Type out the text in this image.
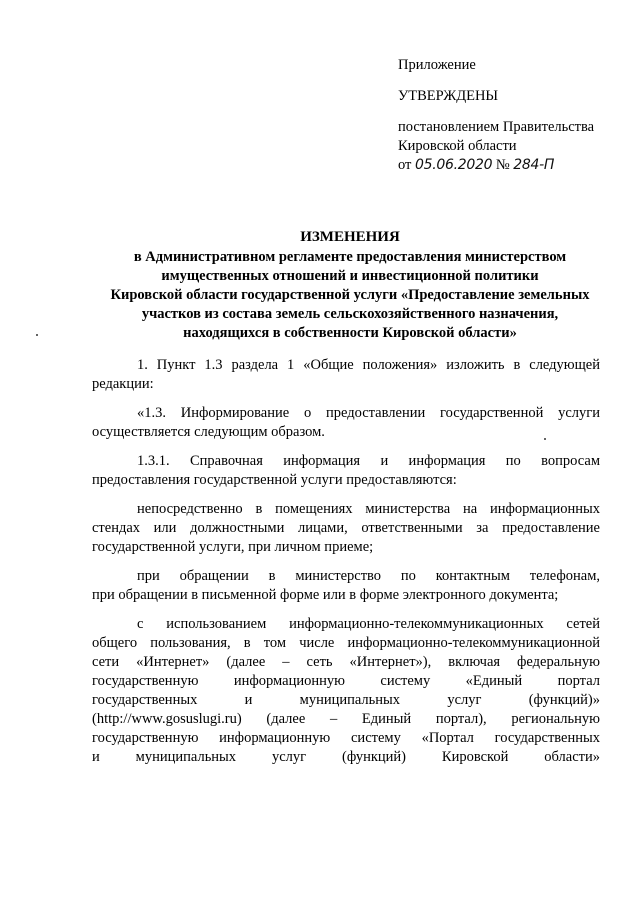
Приложение
УТВЕРЖДЕНЫ
постановлением Правительства
Кировской области
от 05.06.2020 № 284-П
ИЗМЕНЕНИЯ
в Административном регламенте предоставления министерством
имущественных отношений и инвестиционной политики
Кировской области государственной услуги «Предоставление земельных
участков из состава земель сельскохозяйственного назначения,
находящихся в собственности Кировской области»
1. Пункт 1.3 раздела 1 «Общие положения» изложить в следующей
редакции:
«1.3. Информирование о предоставлении государственной услуги
осуществляется следующим образом.
1.3.1. Справочная информация и информация по вопросам
предоставления государственной услуги предоставляются:
непосредственно в помещениях министерства на информационных
стендах или должностными лицами, ответственными за предоставление
государственной услуги, при личном приеме;
при обращении в министерство по контактным телефонам,
при обращении в письменной форме или в форме электронного документа;
с использованием информационно-телекоммуникационных сетей
общего пользования, в том числе информационно-телекоммуникационной
сети «Интернет» (далее – сеть «Интернет»), включая федеральную
государственную информационную систему «Единый портал
государственных и муниципальных услуг (функций)»
(http://www.gosuslugi.ru) (далее – Единый портал), региональную
государственную информационную систему «Портал государственных
и муниципальных услуг (функций) Кировской области»
